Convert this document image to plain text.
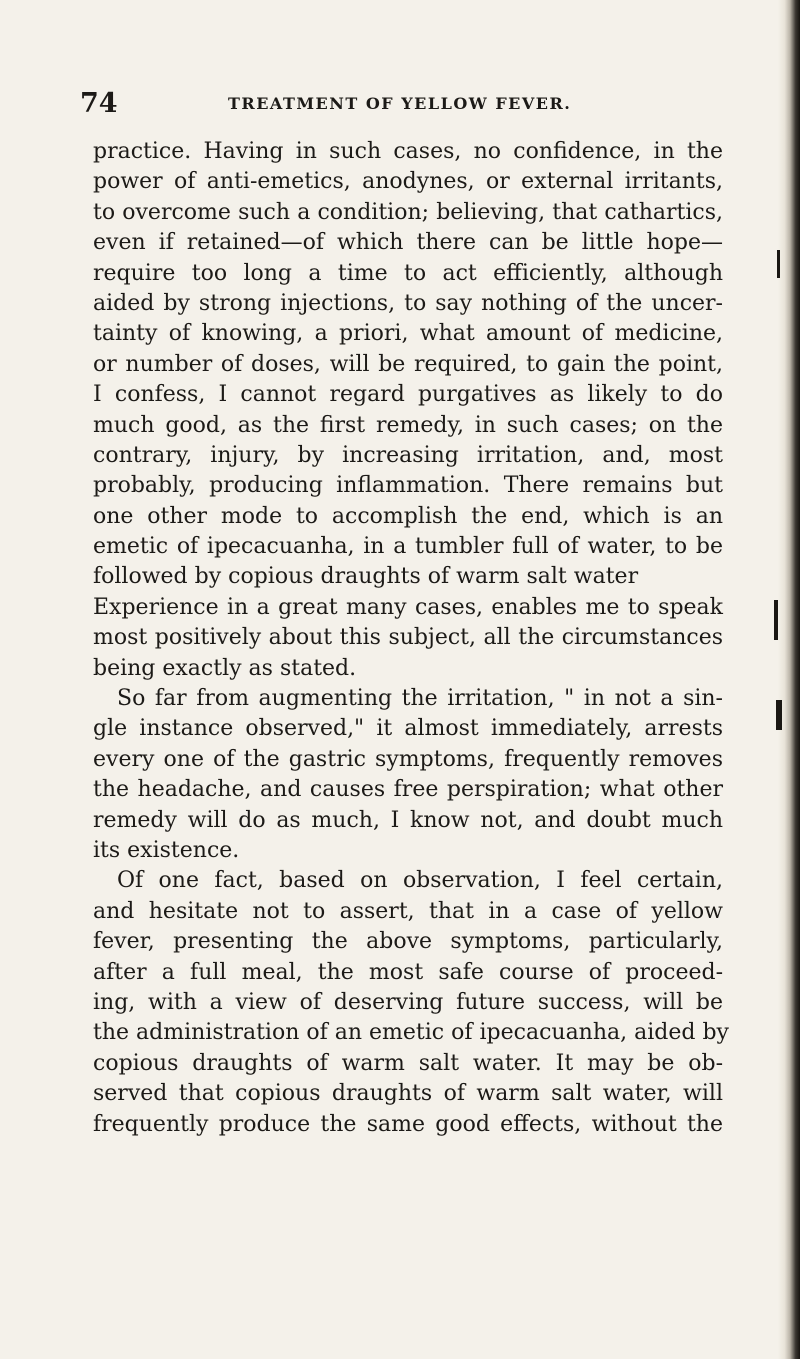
74	TREATMENT OF YELLOW FEVER.
practice. Having in such cases, no confidence, in the
power of anti-emetics, anodynes, or external irritants,
to overcome such a condition; believing, that cathartics,
even if retained—of which there can be little hope—
require too long a time to act efficiently, although
aided by strong injections, to say nothing of the uncer-
tainty of knowing, a priori, what amount of medicine,
or number of doses, will be required, to gain the point,
I confess, I cannot regard purgatives as likely to do
much good, as the first remedy, in such cases; on the
contrary, injury, by increasing irritation, and, most
probably, producing inflammation. There remains but
one other mode to accomplish the end, which is an
emetic of ipecacuanha, in a tumbler full of water, to be
followed by copious draughts of warm salt water
Experience in a great many cases, enables me to speak
most positively about this subject, all the circumstances
being exactly as stated.
So far from augmenting the irritation, " in not a sin-
gle instance observed," it almost immediately, arrests
every one of the gastric symptoms, frequently removes
the headache, and causes free perspiration; what other
remedy will do as much, I know not, and doubt much
its existence.
Of one fact, based on observation, I feel certain,
and hesitate not to assert, that in a case of yellow
fever, presenting the above symptoms, particularly,
after a full meal, the most safe course of proceed-
ing, with a view of deserving future success, will be
the administration of an emetic of ipecacuanha, aided by
copious draughts of warm salt water. It may be ob-
served that copious draughts of warm salt water, will
frequently produce the same good effects, without the
